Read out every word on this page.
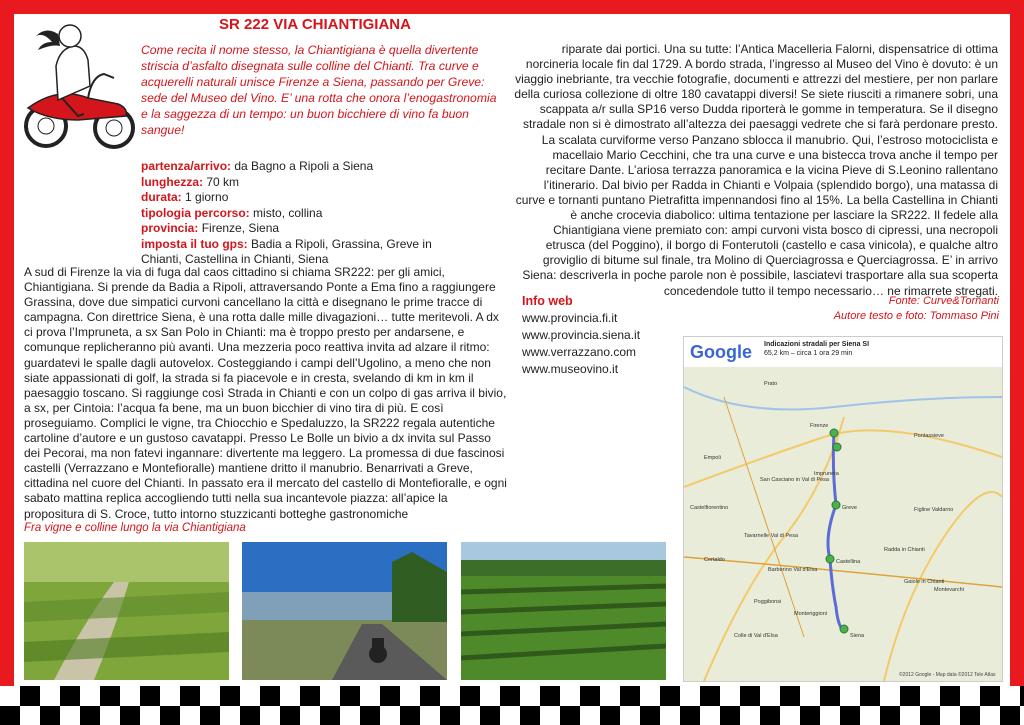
SR 222 VIA CHIANTIGIANA

Come recita il nome stesso, la Chiantigiana è quella divertente striscia d’asfalto disegnata sulle colline del Chianti. Tra curve e acquerelli naturali unisce Firenze a Siena, passando per Greve: sede del Museo del Vino. E’ una rotta che onora l’enogastronomia e la saggezza di un tempo: un buon bicchiere di vino fa buon sangue!

partenza/arrivo: da Bagno a Ripoli a Siena
lunghezza: 70 km
durata: 1 giorno
tipologia percorso: misto, collina
provincia: Firenze, Siena
imposta il tuo gps: Badia a Ripoli, Grassina, Greve in Chianti, Castellina in Chianti, Siena

A sud di Firenze la via di fuga dal caos cittadino si chiama SR222: per gli amici, Chiantigiana. Si prende da Badia a Ripoli, attraversando Ponte a Ema fino a raggiungere Grassina, dove due simpatici curvoni cancellano la città e disegnano le prime tracce di campagna. Con direttrice Siena, è una rotta dalle mille divagazioni… tutte meritevoli. A dx ci prova l’Impruneta, a sx San Polo in Chianti: ma è troppo presto per andarsene, e comunque replicheranno più avanti. Una mezzeria poco reattiva invita ad alzare il ritmo: guardatevi le spalle dagli autovelox. Costeggiando i campi dell’Ugolino, a meno che non siate appassionati di golf, la strada si fa piacevole e in cresta, svelando di km in km il paesaggio toscano. Si raggiunge così Strada in Chianti e con un colpo di gas arriva il bivio, a sx, per Cintoia: l’acqua fa bene, ma un buon bicchier di vino tira di più. E così proseguiamo. Complici le vigne, tra Chiocchio e Spedaluzzo, la SR222 regala autentiche cartoline d’autore e un gustoso cavatappi. Presso Le Bolle un bivio a dx invita sul Passo dei Pecorai, ma non fatevi ingannare: divertente ma leggero. La promessa di due fascinosi castelli (Verrazzano e Montefioralle) mantiene dritto il manubrio. Benarrivati a Greve, cittadina nel cuore del Chianti. In passato era il mercato del castello di Montefioralle, e ogni sabato mattina replica accogliendo tutti nella sua incantevole piazza: all’apice la propositura di S. Croce, tutto intorno stuzzicanti botteghe gastronomiche

riparate dai portici. Una su tutte: l’Antica Macelleria Falorni, dispensatrice di ottima norcineria locale fin dal 1729. A bordo strada, l’ingresso al Museo del Vino è dovuto: è un viaggio inebriante, tra vecchie fotografie, documenti e attrezzi del mestiere, per non parlare della curiosa collezione di oltre 180 cavatappi diversi! Se siete riusciti a rimanere sobri, una scappata a/r sulla SP16 verso Dudda riporterà le gomme in temperatura. Se il disegno stradale non si è dimostrato all’altezza dei paesaggi vedrete che si farà perdonare presto. La scalata curviforme verso Panzano sblocca il manubrio. Qui, l’estroso motociclista e macellaio Mario Cecchini, che tra una curve e una bistecca trova anche il tempo per recitare Dante. L’ariosa terrazza panoramica e la vicina Pieve di S.Leonino rallentano l’itinerario. Dal bivio per Radda in Chianti e Volpaia (splendido borgo), una matassa di curve e tornanti puntano Pietrafitta impennandosi fino al 15%. La bella Castellina in Chianti è anche crocevia diabolico: ultima tentazione per lasciare la SR222. Il fedele alla Chiantigiana viene premiato con: ampi curvoni vista bosco di cipressi, una necropoli etrusca (del Poggino), il borgo di Fonterutoli (castello e casa vinicola), e qualche altro groviglio di bitume sul finale, tra Molino di Querciagrossa e Querciagrossa. E’ in arrivo Siena: descriverla in poche parole non è possibile, lasciatevi trasportare alla sua scoperta concedendole tutto il tempo necessario… ne rimarrete stregati.

Info web
www.provincia.fi.it
www.provincia.siena.it
www.verrazzano.com
www.museovino.it
Fonte: Curve&Tornanti
Autore testo e foto: Tommaso Pini
Google Indicazioni stradali per Siena SI
65,2 km – circa 1 ora 29 min
Prato
Firenze
Impruneta
Greve
Radda in Chianti
Castellina
Siena
Empoli
Poggibonsi
Colle di Val d'Elsa
Pontassieve
Montevarchi
Figline Valdarno
San Casciano in Val di Pesa
Tavarnelle Val di Pesa
Gaiole in Chianti
Castelfiorentino
Certaldo
Barberino Val d'Elsa
Monteriggioni
©2012 Google - Map data ©2012 Tele Atlas
Fra vigne e colline lungo la via Chiantigiana
